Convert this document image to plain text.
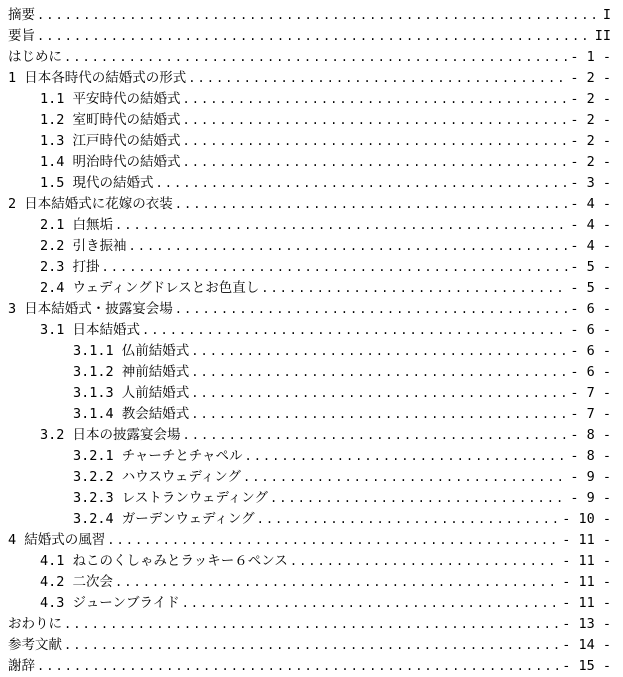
摘要 .....	I
要旨 .....	II
はじめに .....	- 1 -
1 日本各時代の結婚式の形式 .....	- 2 -
1.1 平安時代の結婚式 .....	- 2 -
1.2 室町時代の結婚式 .....	- 2 -
1.3 江戸時代の結婚式 .....	- 2 -
1.4 明治時代の結婚式 .....	- 2 -
1.5 現代の結婚式 .....	- 3 -
2 日本結婚式に花嫁の衣装 .....	- 4 -
2.1 白無垢 .....	- 4 -
2.2 引き振袖 .....	- 4 -
2.3 打掛 .....	- 5 -
2.4 ウェディングドレスとお色直し .....	- 5 -
3 日本結婚式・披露宴会場 .....	- 6 -
3.1 日本結婚式 .....	- 6 -
3.1.1 仏前結婚式 .....	- 6 -
3.1.2 神前結婚式 .....	- 6 -
3.1.3 人前結婚式 .....	- 7 -
3.1.4 教会結婚式 .....	- 7 -
3.2 日本の披露宴会場 .....	- 8 -
3.2.1 チャーチとチャペル .....	- 8 -
3.2.2 ハウスウェディング .....	- 9 -
3.2.3 レストランウェディング .....	- 9 -
3.2.4 ガーデンウェディング .....	- 10 -
4 結婚式の風習 .....	- 11 -
4.1 ねこのくしゃみとラッキー６ペンス .....	- 11 -
4.2 二次会 .....	- 11 -
4.3 ジューンブライド .....	- 11 -
おわりに .....	- 13 -
参考文献 .....	- 14 -
謝辞 .....	- 15 -
